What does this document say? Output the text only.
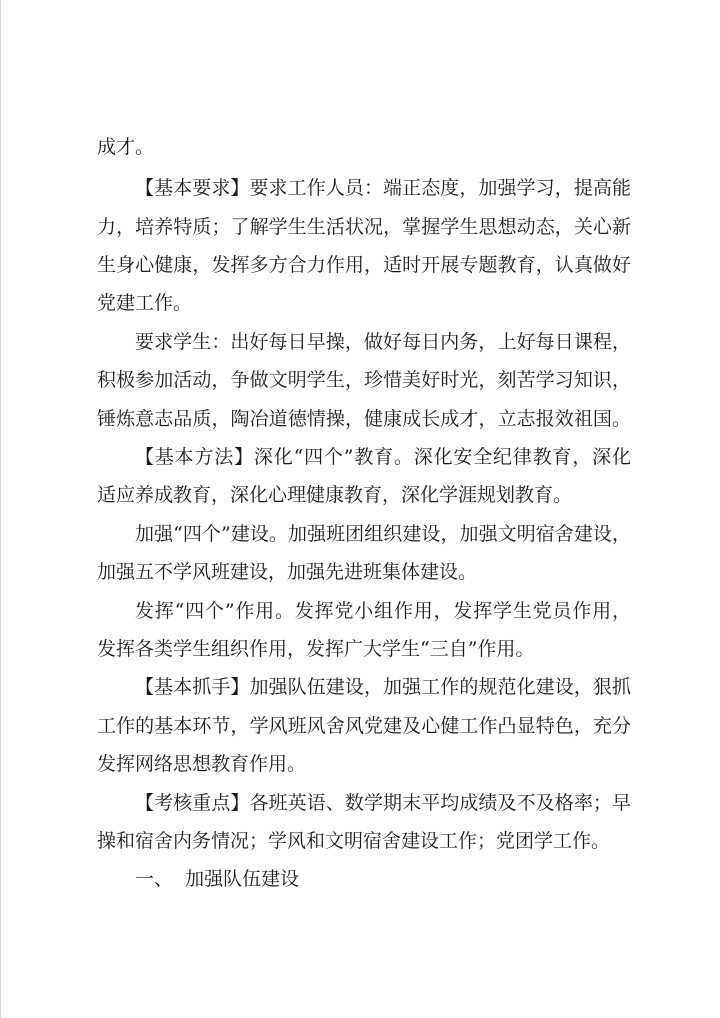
成才。
【基本要求】要求工作人员：端正态度，加强学习，提高能
力，培养特质；了解学生生活状况，掌握学生思想动态，关心新
生身心健康，发挥多方合力作用，适时开展专题教育，认真做好
党建工作。
要求学生：出好每日早操，做好每日内务，上好每日课程，
积极参加活动，争做文明学生，珍惜美好时光，刻苦学习知识，
锤炼意志品质，陶冶道德情操，健康成长成才，立志报效祖国。
【基本方法】深化“四个”教育。深化安全纪律教育，深化
适应养成教育，深化心理健康教育，深化学涯规划教育。
加强“四个”建设。加强班团组织建设，加强文明宿舍建设，
加强五不学风班建设，加强先进班集体建设。
发挥“四个”作用。发挥党小组作用，发挥学生党员作用，
发挥各类学生组织作用，发挥广大学生“三自”作用。
【基本抓手】加强队伍建设，加强工作的规范化建设，狠抓
工作的基本环节，学风班风舍风党建及心健工作凸显特色，充分
发挥网络思想教育作用。
【考核重点】各班英语、数学期末平均成绩及不及格率；早
操和宿舍内务情况；学风和文明宿舍建设工作；党团学工作。
一、  加强队伍建设
